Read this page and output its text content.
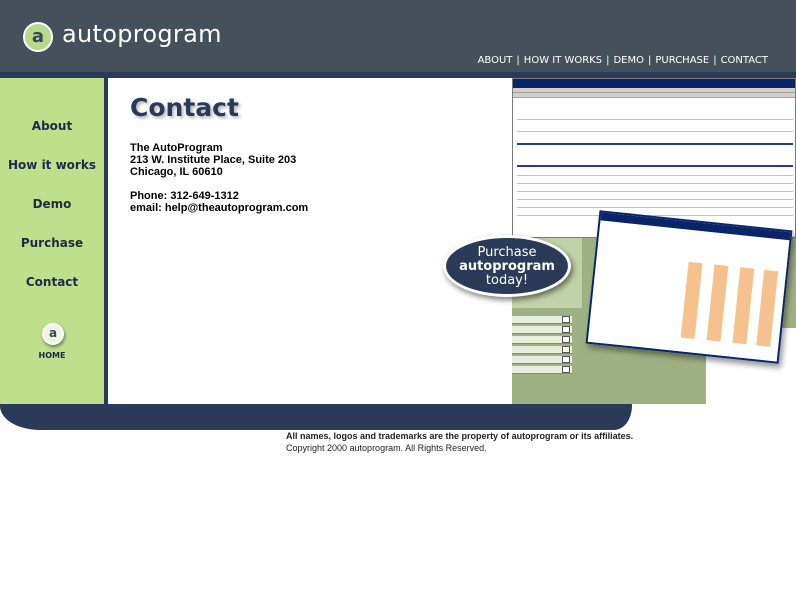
a autoprogram
ABOUT | HOW IT WORKS | DEMO | PURCHASE | CONTACT
About
How it works
Demo
Purchase
Contact
a
HOME
Contact
The AutoProgram
213 W. Institute Place, Suite 203
Chicago, IL 60610
Phone: 312-649-1312
email: help@theautoprogram.com
Purchase
autoprogram
today!
All names, logos and trademarks are the property of autoprogram or its affiliates.
Copyright 2000 autoprogram. All Rights Reserved.
